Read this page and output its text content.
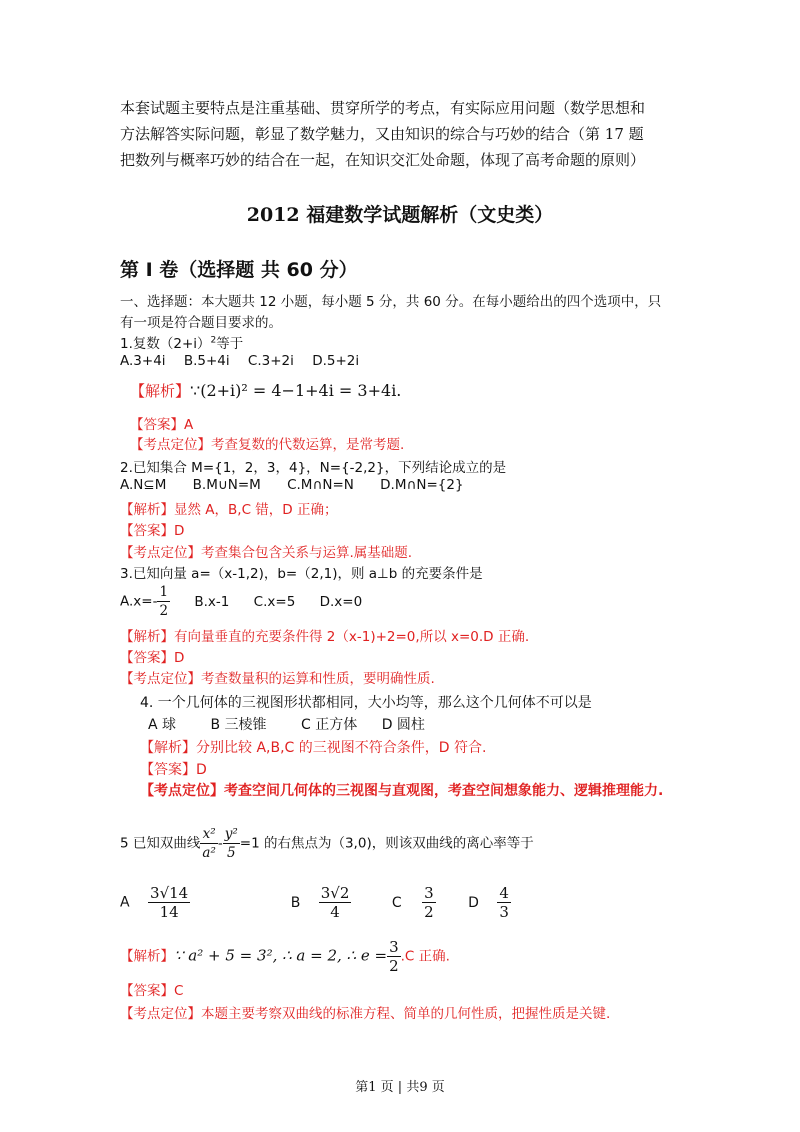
本套试题主要特点是注重基础、贯穿所学的考点，有实际应用问题（数学思想和

方法解答实际问题，彰显了数学魅力，又由知识的综合与巧妙的结合（第 17 题

把数列与概率巧妙的结合在一起，在知识交汇处命题，体现了高考命题的原则）

2012 福建数学试题解析（文史类）
第 I 卷（选择题 共 60 分）
一、选择题：本大题共 12 小题，每小题 5 分，共 60 分。在每小题给出的四个选项中，只
有一项是符合题目要求的。
1.复数$(2+i)^2$等于
A.3+4i B.5+4i C.3+2i D.5+2i
【解析】∵(2+i)² = 4−1+4i = 3+4i.
【答案】A
【考点定位】考查复数的代数运算，是常考题.
2.已知集合 M={1，2，3，4}，N={-2,2}，下列结论成立的是
A.N⊆M B.M∪N=M C.M∩N=N D.M∩N={2}
【解析】显然 A，B,C 错，D 正确；
【答案】D
【考点定位】考查集合包含关系与运算.属基础题.
3.已知向量 a=（x-1,2)，b=（2,1)，则 a⊥b 的充要条件是
$A.x=- \frac{1}{2} B.x-1$ C.x=5 D.x=0
【解析】有向量垂直的充要条件得 2（x-1)+2=0,所以 x=0.D 正确.
【答案】D
【考点定位】考查数量积的运算和性质，要明确性质.
4. 一个几何体的三视图形状都相同，大小均等，那么这个几何体不可以是
A 球 B 三棱锥 C 正方体 D 圆柱
【解析】分别比较 A,B,C 的三视图不符合条件，D 符合.
【答案】D
【考点定位】考查空间几何体的三视图与直观图，考查空间想象能力、逻辑推理能力.
5 已知双曲线 $\frac{\text{x²}}{\text{a²}} - \frac{\text{y²}}{5} =1$ 的右焦点为（3,0)，则该双曲线的离心率等于
A $\frac{3√14}{14}$	B $\frac{3√2}{4}$	C $\frac{3}{2}$ D $\frac{4}{3}$
【解析】∵ a² + 5 = 3², ∴ a = 2, ∴ $e = \frac{3}{2} .C$ 正确.
【答案】C
【考点定位】本题主要考察双曲线的标准方程、简单的几何性质，把握性质是关键.
第1 页 | 共9 页
